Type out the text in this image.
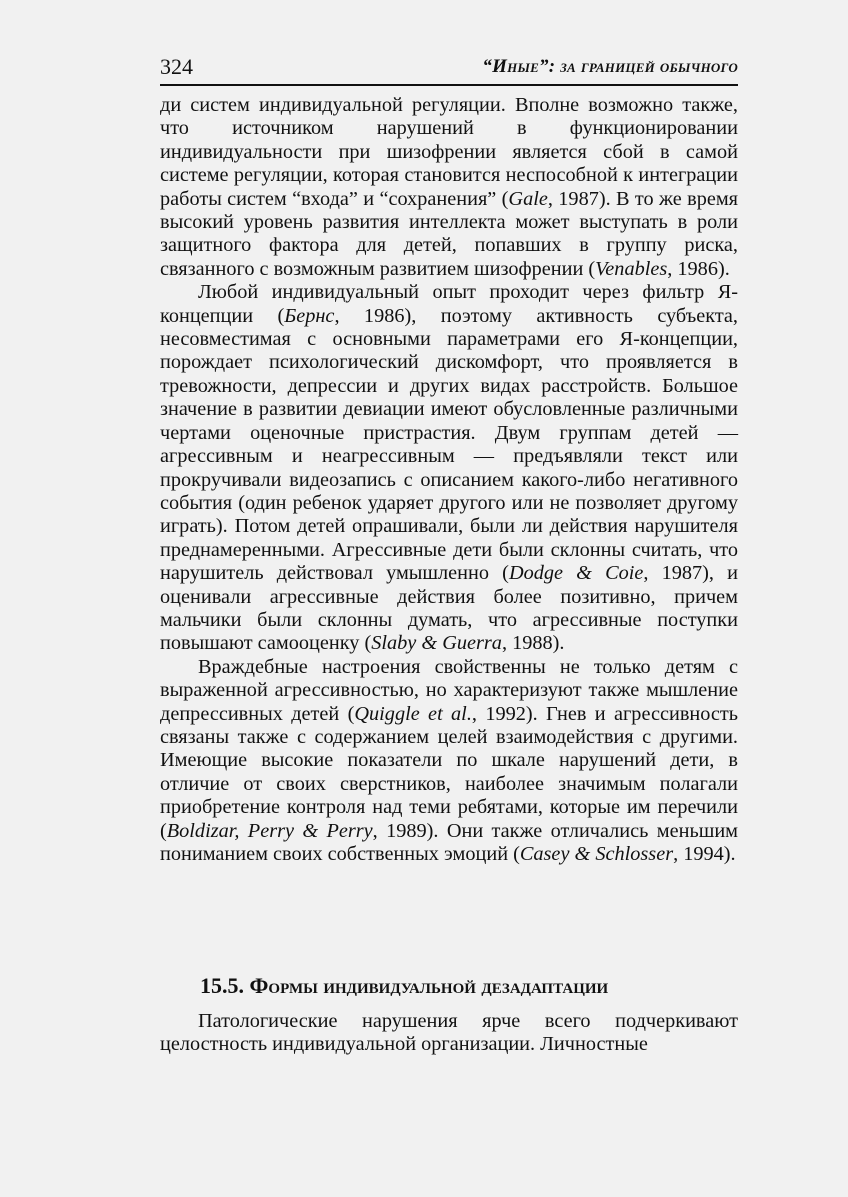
324	“Иные”: за границей обычного

ди систем индивидуальной регуляции. Вполне возможно также, что источником нарушений в функционировании индивидуальности при шизофрении является сбой в самой системе регуляции, которая становится неспособной к интеграции работы систем “входа” и “сохранения” (Gale, 1987). В то же время высокий уровень развития интеллекта может выступать в роли защитного фактора для детей, попавших в группу риска, связанного с возможным развитием шизофрении (Venables, 1986).

Любой индивидуальный опыт проходит через фильтр Я-концепции (Бернс, 1986), поэтому активность субъекта, несовместимая с основными параметрами его Я-концепции, порождает психологический дискомфорт, что проявляется в тревожности, депрессии и других видах расстройств. Большое значение в развитии девиации имеют обусловленные различными чертами оценочные пристрастия. Двум группам детей — агрессивным и неагрессивным — предъявляли текст или прокручивали видеозапись с описанием какого-либо негативного события (один ребенок ударяет другого или не позволяет другому играть). Потом детей опрашивали, были ли действия нарушителя преднамеренными. Агрессивные дети были склонны считать, что нарушитель действовал умышленно (Dodge & Coie, 1987), и оценивали агрессивные действия более позитивно, причем мальчики были склонны думать, что агрессивные поступки повышают самооценку (Slaby & Guerra, 1988).

Враждебные настроения свойственны не только детям с выраженной агрессивностью, но характеризуют также мышление депрессивных детей (Quiggle et al., 1992). Гнев и агрессивность связаны также с содержанием целей взаимодействия с другими. Имеющие высокие показатели по шкале нарушений дети, в отличие от своих сверстников, наиболее значимым полагали приобретение контроля над теми ребятами, которые им перечили (Boldizar, Perry & Perry, 1989). Они также отличались меньшим пониманием своих собственных эмоций (Casey & Schlosser, 1994).

15.5. Формы индивидуальной дезадаптации

Патологические нарушения ярче всего подчеркивают целостность индивидуальной организации. Личностные
